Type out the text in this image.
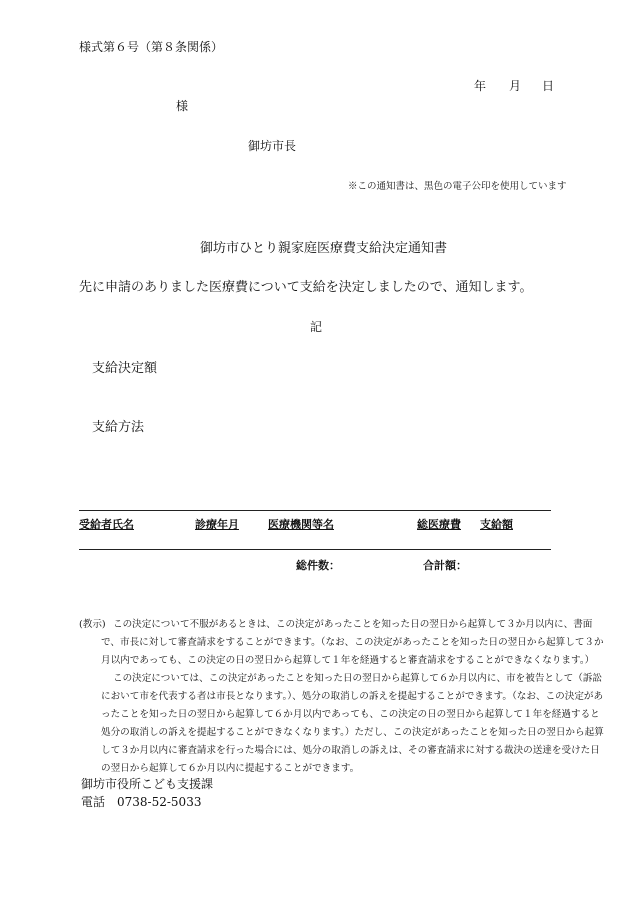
様式第６号（第８条関係）
年 月 日
様
御坊市長
※この通知書は、黒色の電子公印を使用しています
御坊市ひとり親家庭医療費支給決定通知書
先に申請のありました医療費について支給を決定しましたので、通知します。
記
支給決定額
支給方法
受給者氏名	診療年月	医療機関等名	総医療費 支給額
総件数：	合計額：
(教示) この決定について不服があるときは、この決定があったことを知った日の翌日から起算して３か月以内に、書面で、市長に対して審査請求をすることができます。（なお、この決定があったことを知った日の翌日から起算して３か月以内であっても、この決定の日の翌日から起算して１年を経過すると審査請求をすることができなくなります。）

この決定については、この決定があったことを知った日の翌日から起算して６か月以内に、市を被告として（訴訟において市を代表する者は市長となります。）、処分の取消しの訴えを提起することができます。（なお、この決定があったことを知った日の翌日から起算して６か月以内であっても、この決定の日の翌日から起算して１年を経過すると処分の取消しの訴えを提起することができなくなります。）ただし、この決定があったことを知った日の翌日から起算して３か月以内に審査請求を行った場合には、処分の取消しの訴えは、その審査請求に対する裁決の送達を受けた日の翌日から起算して６か月以内に提起することができます。

御坊市役所こども支援課
電話　0738-52-5033
